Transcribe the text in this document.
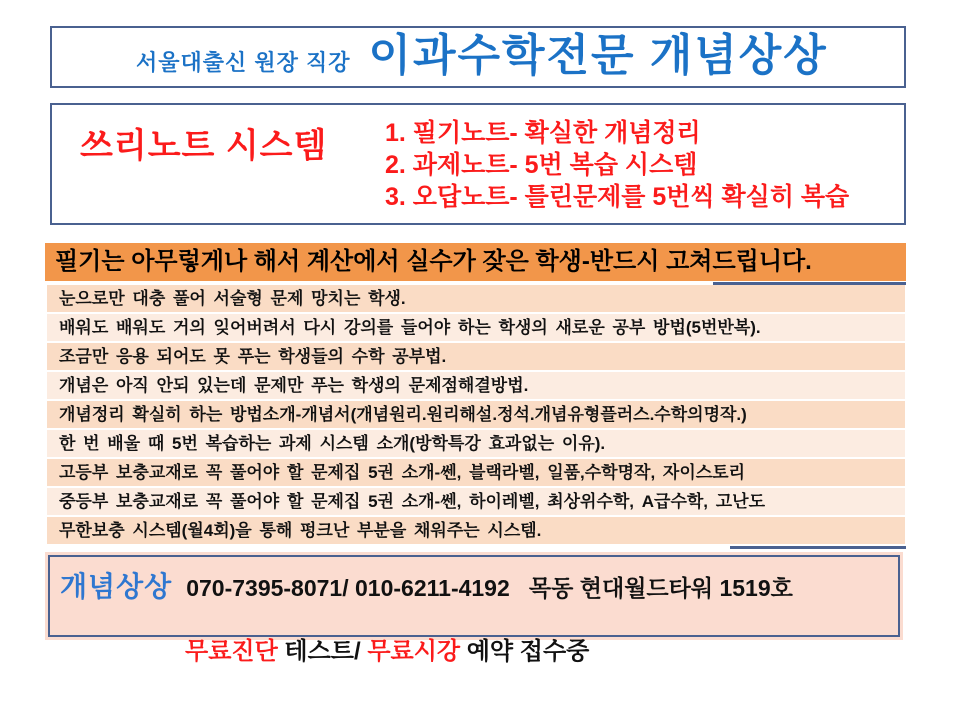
서울대출신 원장 직강 이과수학전문 개념상상
쓰리노트 시스템 1. 필기노트- 확실한 개념정리
2. 과제노트- 5번 복습 시스템
3. 오답노트- 틀린문제를 5번씩 확실히 복습
필기는 아무렇게나 해서 계산에서 실수가 잦은 학생-반드시 고쳐드립니다.
눈으로만 대충 풀어 서술형 문제 망치는 학생.
배워도 배워도 거의 잊어버려서 다시 강의를 들어야 하는 학생의 새로운 공부 방법(5번반복).
조금만 응용 되어도 못 푸는 학생들의 수학 공부법.
개념은 아직 안되 있는데 문제만 푸는 학생의 문제점해결방법.
개념정리 확실히 하는 방법소개-개념서(개념원리.원리해설.정석.개념유형플러스.수학의명작.)
한 번 배울 때 5번 복습하는 과제 시스템 소개(방학특강 효과없는 이유).
고등부 보충교재로 꼭 풀어야 할 문제집 5권 소개-쎈, 블랙라벨, 일품,수학명작, 자이스토리
중등부 보충교재로 꼭 풀어야 할 문제집 5권 소개-쎈, 하이레벨, 최상위수학, A급수학, 고난도
무한보충 시스템(월4회)을 통해 펑크난 부분을 채워주는 시스템.
개념상상 070-7395-8071/ 010-6211-4192   목동 현대월드타워 1519호

무료진단 테스트/ 무료시강 예약 접수중
